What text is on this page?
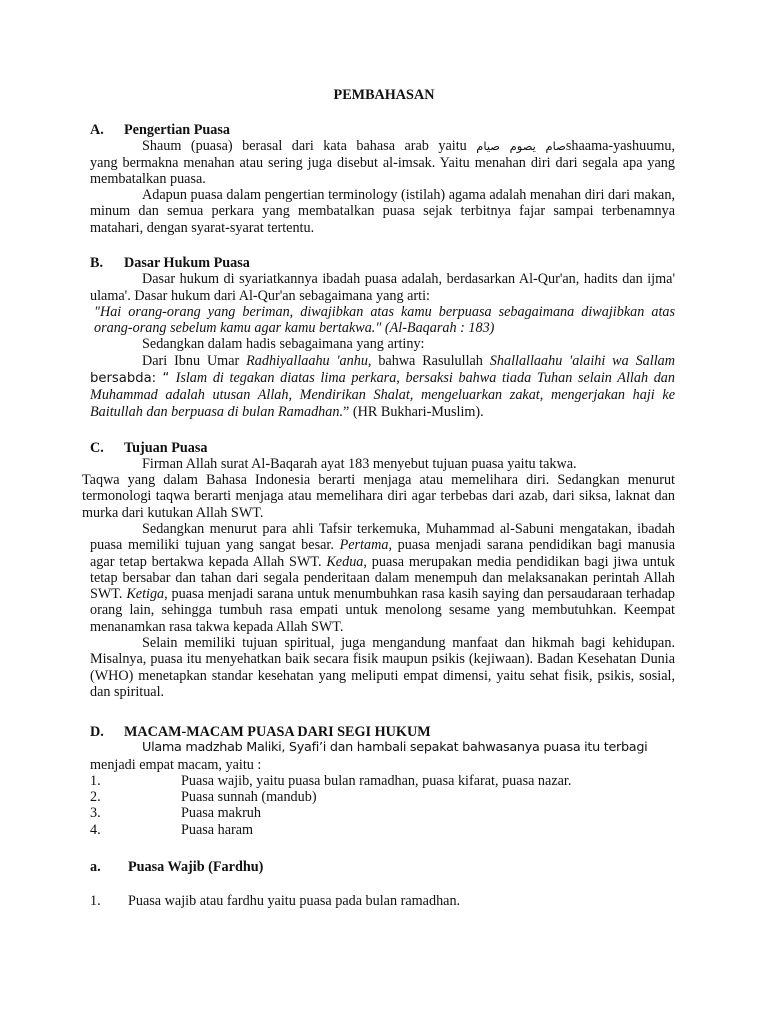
PEMBAHASAN
A.	Pengertian Puasa

Shaum (puasa) berasal dari kata bahasa arab yaitu صام يصوم صيامshaama-yashuumu,

yang bermakna menahan atau sering juga disebut al-imsak. Yaitu menahan diri dari segala apa yang membatalkan puasa.

Adapun puasa dalam pengertian terminology (istilah) agama adalah menahan diri dari makan, minum dan semua perkara yang membatalkan puasa sejak terbitnya fajar sampai terbenamnya matahari, dengan syarat-syarat tertentu.

B.	Dasar Hukum Puasa

Dasar hukum di syariatkannya ibadah puasa adalah, berdasarkan Al-Qur'an, hadits dan ijma' ulama'. Dasar hukum dari Al-Qur'an sebagaimana yang arti:

"Hai orang-orang yang beriman, diwajibkan atas kamu berpuasa sebagaimana diwajibkan atas orang-orang sebelum kamu agar kamu bertakwa." (Al-Baqarah : 183)

Sedangkan dalam hadis sebagaimana yang artiny:

Dari Ibnu Umar Radhiyallaahu 'anhu, bahwa Rasulullah Shallallaahu 'alaihi wa Sallam bersabda: “ Islam di tegakan diatas lima perkara, bersaksi bahwa tiada Tuhan selain Allah dan Muhammad adalah utusan Allah, Mendirikan Shalat, mengeluarkan zakat, mengerjakan haji ke Baitullah dan berpuasa di bulan Ramadhan.” (HR Bukhari-Muslim).

C.	Tujuan Puasa

Firman Allah surat Al-Baqarah ayat 183 menyebut tujuan puasa yaitu takwa.

Taqwa yang dalam Bahasa Indonesia berarti menjaga atau memelihara diri. Sedangkan menurut termonologi taqwa berarti menjaga atau memelihara diri agar terbebas dari azab, dari siksa, laknat dan murka dari kutukan Allah SWT.

Sedangkan menurut para ahli Tafsir terkemuka, Muhammad al-Sabuni mengatakan, ibadah puasa memiliki tujuan yang sangat besar. Pertama, puasa menjadi sarana pendidikan bagi manusia agar tetap bertakwa kepada Allah SWT. Kedua, puasa merupakan media pendidikan bagi jiwa untuk tetap bersabar dan tahan dari segala penderitaan dalam menempuh dan melaksanakan perintah Allah SWT. Ketiga, puasa menjadi sarana untuk menumbuhkan rasa kasih saying dan persaudaraan terhadap orang lain, sehingga tumbuh rasa empati untuk menolong sesame yang membutuhkan. Keempat menanamkan rasa takwa kepada Allah SWT.

Selain memiliki tujuan spiritual, juga mengandung manfaat dan hikmah bagi kehidupan. Misalnya, puasa itu menyehatkan baik secara fisik maupun psikis (kejiwaan). Badan Kesehatan Dunia (WHO) menetapkan standar kesehatan yang meliputi empat dimensi, yaitu sehat fisik, psikis, sosial, dan spiritual.

D.	MACAM-MACAM PUASA DARI SEGI HUKUM

Ulama madzhab Maliki, Syafi’i dan hambali sepakat bahwasanya puasa itu terbagi

menjadi empat macam, yaitu :

1.	Puasa wajib, yaitu puasa bulan ramadhan, puasa kifarat, puasa nazar.
2.	Puasa sunnah (mandub)
3.	Puasa makruh
4.	Puasa haram
a.	Puasa Wajib (Fardhu)
1.	Puasa wajib atau fardhu yaitu puasa pada bulan ramadhan.
